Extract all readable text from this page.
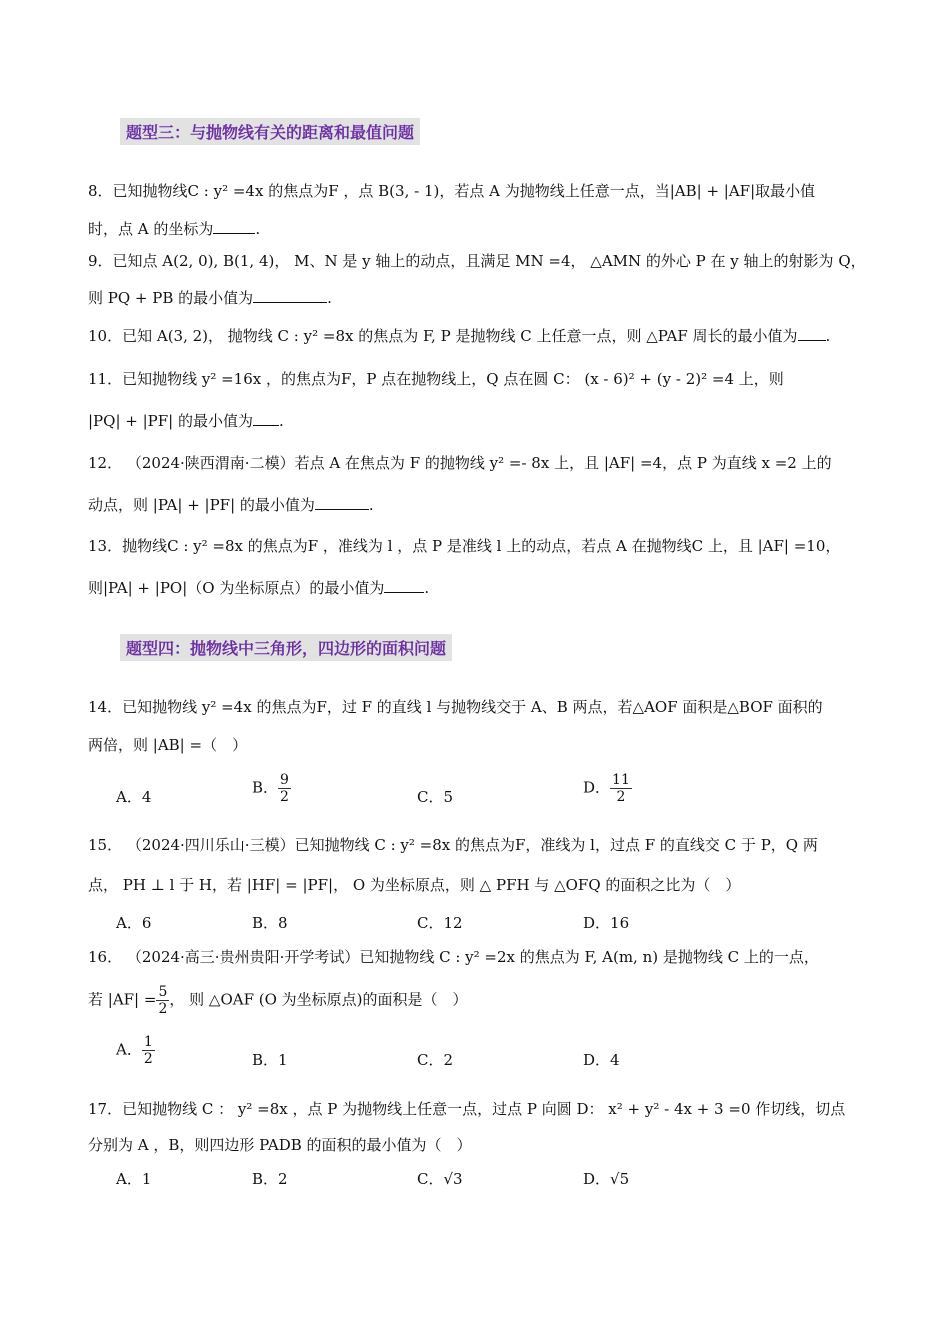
题型三：与抛物线有关的距离和最值问题
8．已知抛物线C : y² =4x 的焦点为F ，点 B(3, - 1)，若点 A 为抛物线上任意一点，当|AB| + |AF|取最小值
时，点 A 的坐标为	.
9．已知点 A(2, 0), B(1, 4)， M、N 是 y 轴上的动点，且满足 MN =4， △AMN 的外心 P 在 y 轴上的射影为 Q，
则 PQ + PB 的最小值为	.
10．已知 A(3, 2)， 抛物线 C : y² =8x 的焦点为 F, P 是抛物线 C 上任意一点，则 △PAF 周长的最小值为 .
11．已知抛物线 y² =16x ，的焦点为F，P 点在抛物线上，Q 点在圆 C： (x - 6)² + (y - 2)² =4 上，则
|PQ| + |PF| 的最小值为 .
12． （2024·陕西渭南·二模）若点 A 在焦点为 F 的抛物线 y² =- 8x 上，且 |AF| =4，点 P 为直线 x =2 上的
动点，则 |PA| + |PF| 的最小值为	.
13．抛物线C : y² =8x 的焦点为F ，准线为 l ，点 P 是准线 l 上的动点，若点 A 在抛物线C 上，且 |AF| =10，
则|PA| + |PO|（O 为坐标原点）的最小值为	.
题型四：抛物线中三角形，四边形的面积问题
14．已知抛物线 y² =4x 的焦点为F，过 F 的直线 l 与抛物线交于 A、B 两点，若△AOF 面积是△BOF 面积的
两倍，则 |AB| =（　）
A．4
B． $\frac{9}{2}$	C．5
D． $\frac{11}{2}$
15． （2024·四川乐山·三模）已知抛物线 C : y² =8x 的焦点为F，准线为 l，过点 F 的直线交 C 于 P，Q 两
点， PH ⊥ l 于 H，若 |HF| = |PF|， O 为坐标原点，则 △ PFH 与 △OFQ 的面积之比为（　）
A．6	B．8	C．12	D．16
16． （2024·高三·贵州贵阳·开学考试）已知抛物线 C : y² =2x 的焦点为 F, A(m, n) 是抛物线 C 上的一点，
若 $|AF| = \frac{5}{2}$ ， 则 △OAF (O 为坐标原点)的面积是（　）
A． $\frac{1}{2}$	B．1	C．2	D．4
17．已知抛物线 C ： y² =8x ，点 P 为抛物线上任意一点，过点 P 向圆 D： x² + y² - 4x + 3 =0 作切线，切点
分别为 A ，B，则四边形 PADB 的面积的最小值为（　）
A．1	B．2	C．√3	D．√5
